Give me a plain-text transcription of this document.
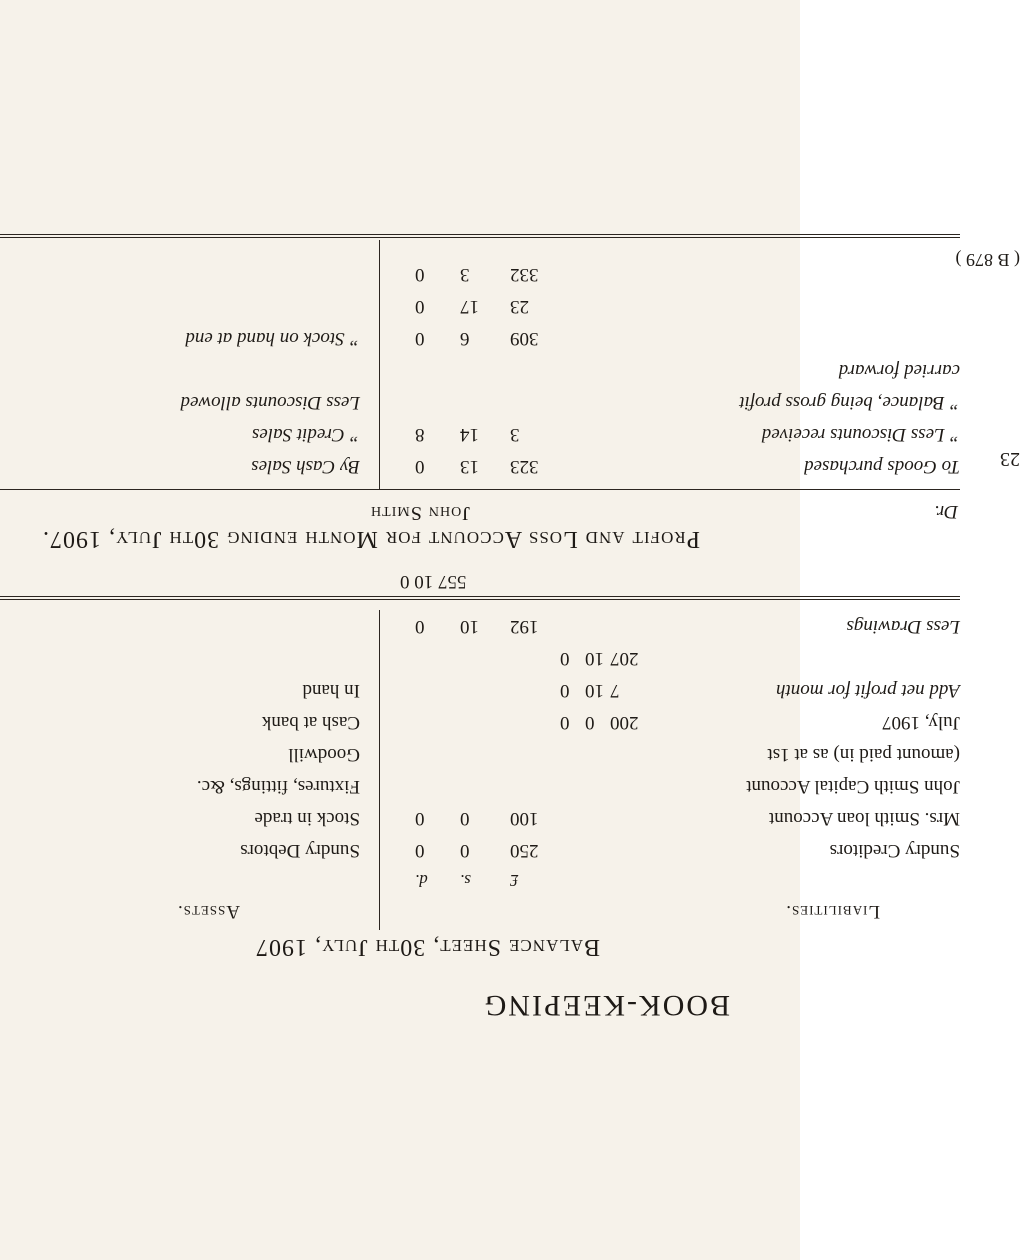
BOOK-KEEPING
Balance Sheet, 30th July, 1907
Liabilities.
Assets.
£
s.
d.
Sundry Creditors
250
0
0
Mrs. Smith loan Account
100
0
0
John Smith Capital Account
(amount paid in) as at 1st
July, 1907
200
0
0
Add net profit for month
7
10
0
207
10
0
Less Drawings
192
10
0
Sundry Debtors
Stock in trade
Fixtures, fittings, &c.
Goodwill
Cash at bank
In hand
557 10 0
Profit and Loss Account for Month ending 30th July, 1907.
John Smith	Dr.
( B 879 )
23
To Goods purchased
323
13
0
” Less Discounts received
3
14
8
” Balance, being gross profit
carried forward
309
6
0
23
17
0
332
3
0
By Cash Sales
” Credit Sales
Less Discounts allowed
” Stock on hand at end
